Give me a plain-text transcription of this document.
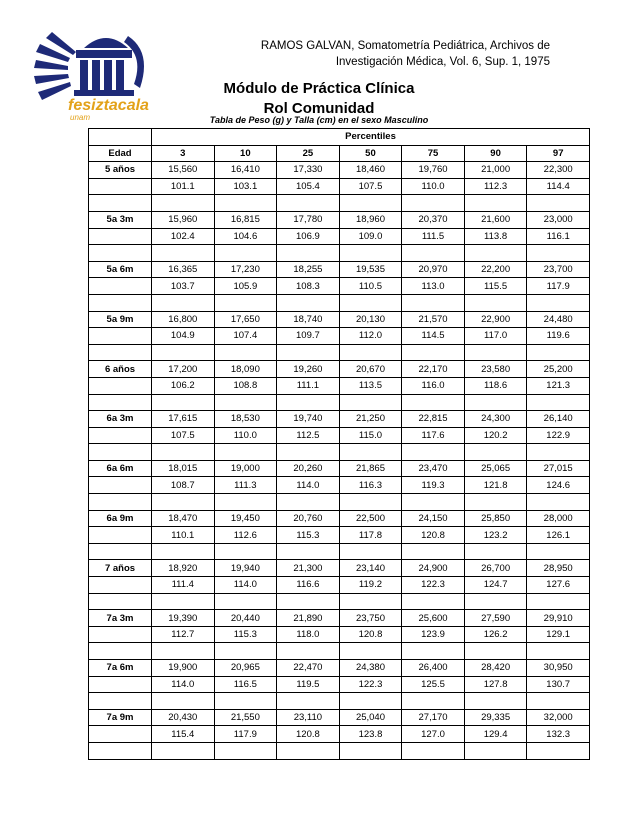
fesiztacala
unam
RAMOS GALVAN, Somatometría Pediátrica, Archivos de
Investigación Médica, Vol. 6, Sup. 1, 1975
Módulo de Práctica Clínica
Rol Comunidad
Tabla de Peso (g) y Talla (cm) en el sexo Masculino
	Percentiles						
Edad	3	10	25	50	75	90	97
5 años	15,560	16,410	17,330	18,460	19,760	21,000	22,300
	101.1	103.1	105.4	107.5	110.0	112.3	114.4

5a 3m	15,960	16,815	17,780	18,960	20,370	21,600	23,000
	102.4	104.6	106.9	109.0	111.5	113.8	116.1

5a 6m	16,365	17,230	18,255	19,535	20,970	22,200	23,700
	103.7	105.9	108.3	110.5	113.0	115.5	117.9

5a 9m	16,800	17,650	18,740	20,130	21,570	22,900	24,480
	104.9	107.4	109.7	112.0	114.5	117.0	119.6

6 años	17,200	18,090	19,260	20,670	22,170	23,580	25,200
	106.2	108.8	111.1	113.5	116.0	118.6	121.3

6a 3m	17,615	18,530	19,740	21,250	22,815	24,300	26,140
	107.5	110.0	112.5	115.0	117.6	120.2	122.9

6a 6m	18,015	19,000	20,260	21,865	23,470	25,065	27,015
	108.7	111.3	114.0	116.3	119.3	121.8	124.6

6a 9m	18,470	19,450	20,760	22,500	24,150	25,850	28,000
	110.1	112.6	115.3	117.8	120.8	123.2	126.1

7 años	18,920	19,940	21,300	23,140	24,900	26,700	28,950
	111.4	114.0	116.6	119.2	122.3	124.7	127.6

7a 3m	19,390	20,440	21,890	23,750	25,600	27,590	29,910
	112.7	115.3	118.0	120.8	123.9	126.2	129.1

7a 6m	19,900	20,965	22,470	24,380	26,400	28,420	30,950
	114.0	116.5	119.5	122.3	125.5	127.8	130.7

7a 9m	20,430	21,550	23,110	25,040	27,170	29,335	32,000
	115.4	117.9	120.8	123.8	127.0	129.4	132.3
